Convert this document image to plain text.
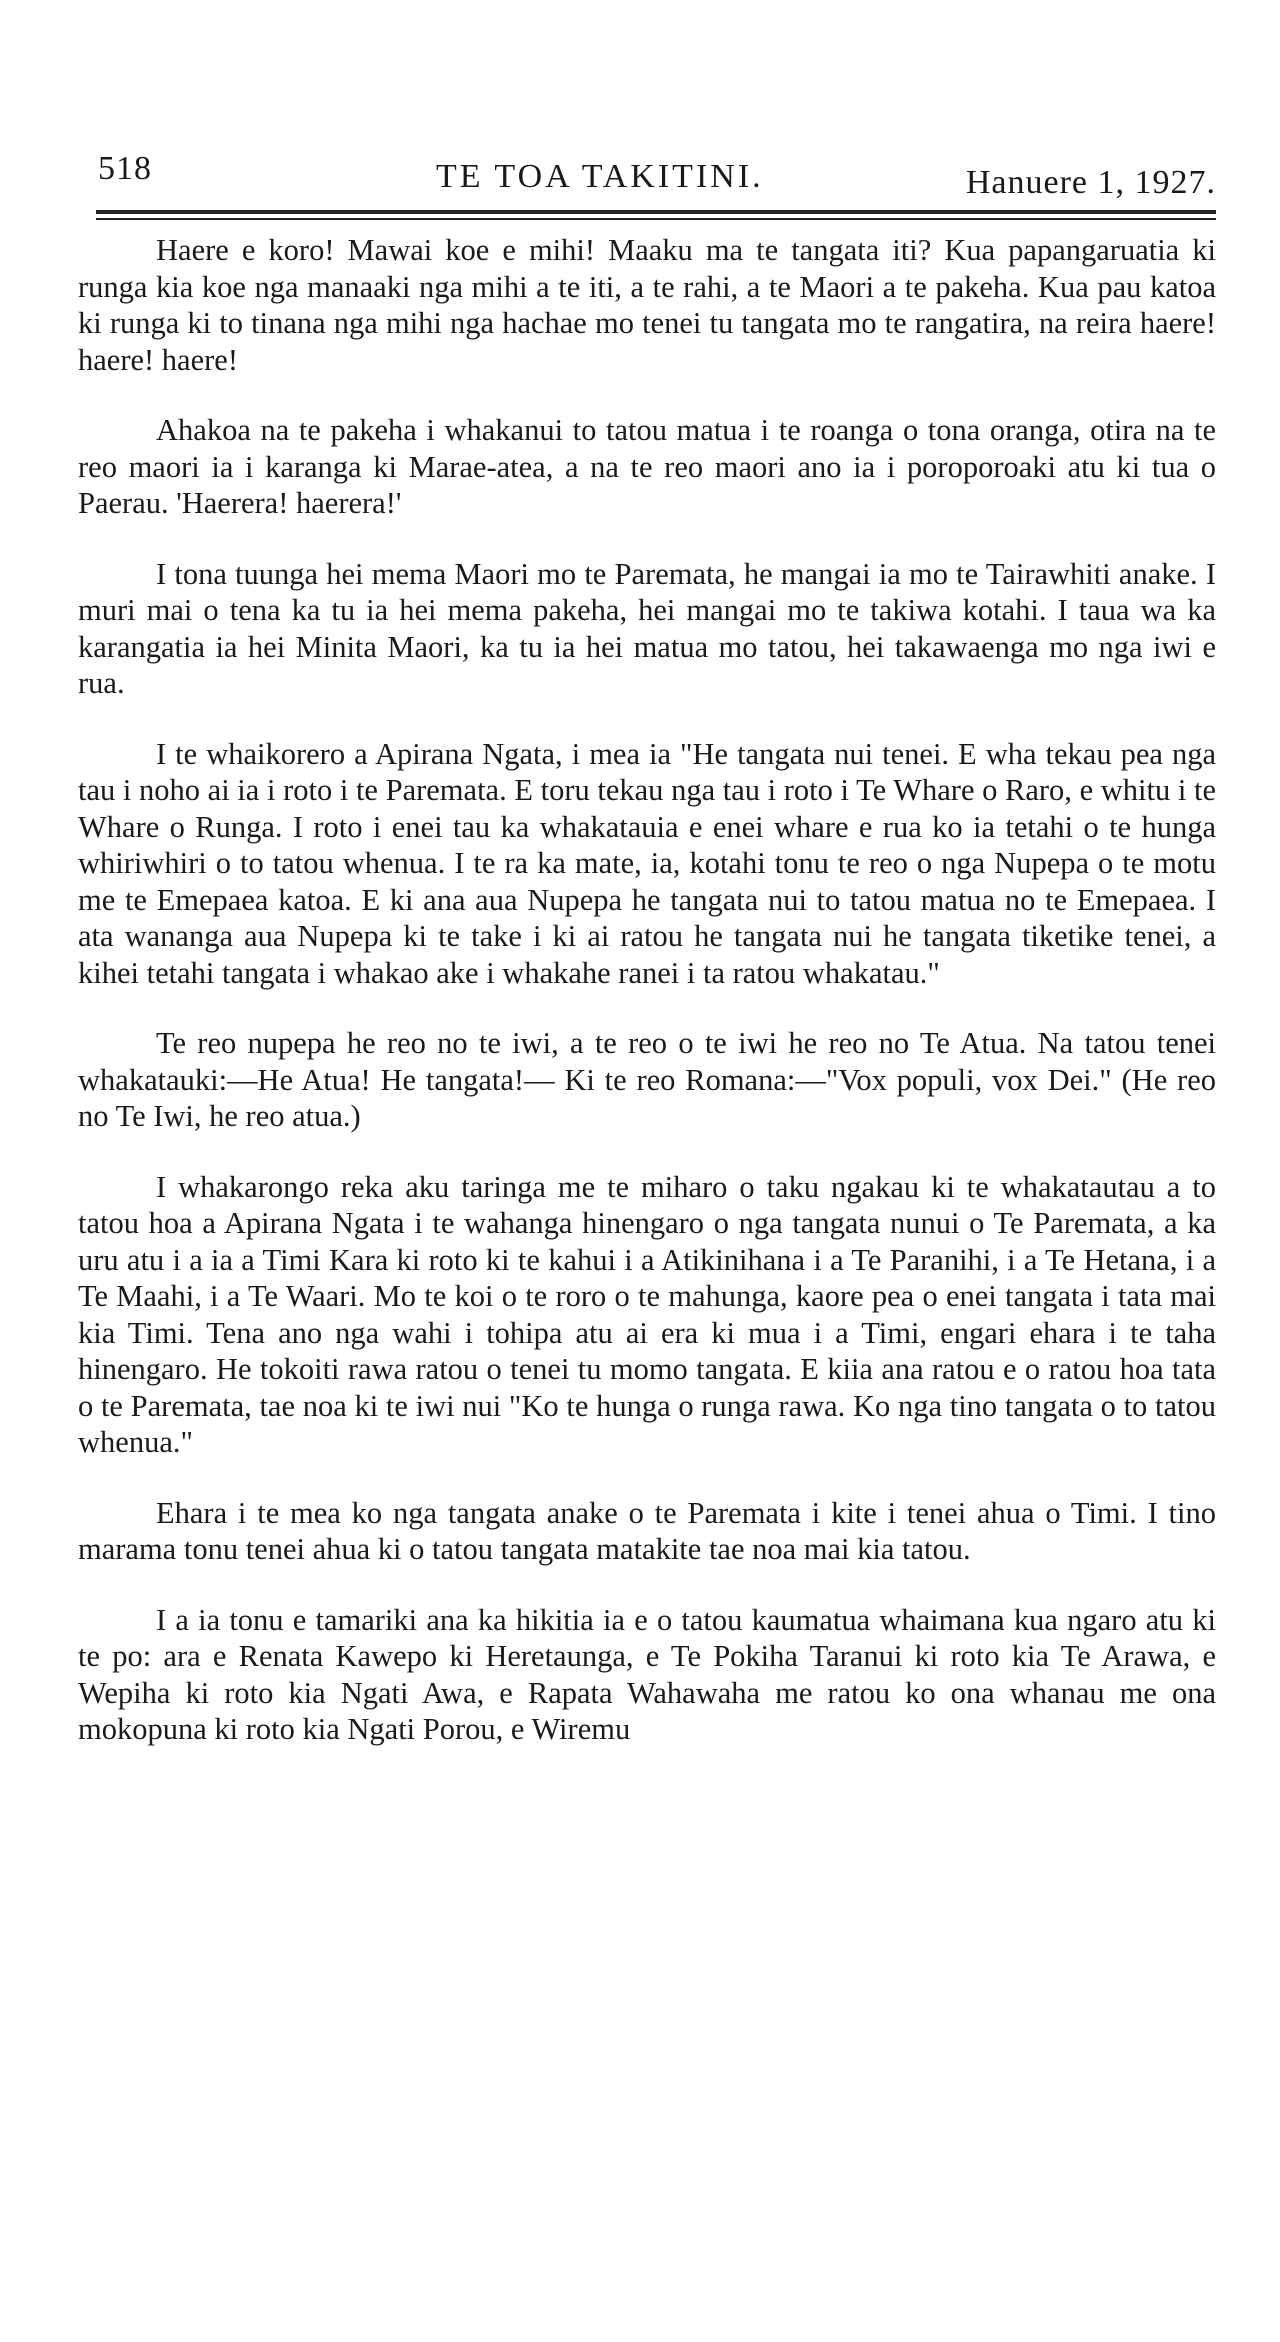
518	TE TOA TAKITINI.	Hanuere 1, 1927.

Haere e koro! Mawai koe e mihi! Maaku ma te tangata iti? Kua papangaruatia ki runga kia koe nga manaaki nga mihi a te iti, a te rahi, a te Maori a te pakeha. Kua pau katoa ki runga ki to tinana nga mihi nga hachae mo tenei tu tangata mo te rangatira, na reira haere! haere! haere!

Ahakoa na te pakeha i whakanui to tatou matua i te roanga o tona oranga, otira na te reo maori ia i karanga ki Marae-atea, a na te reo maori ano ia i poroporoaki atu ki tua o Paerau. 'Haerera! haerera!'

I tona tuunga hei mema Maori mo te Paremata, he mangai ia mo te Tairawhiti anake. I muri mai o tena ka tu ia hei mema pakeha, hei mangai mo te takiwa kotahi. I taua wa ka karangatia ia hei Minita Maori, ka tu ia hei matua mo tatou, hei takawaenga mo nga iwi e rua.

I te whaikorero a Apirana Ngata, i mea ia "He tangata nui tenei. E wha tekau pea nga tau i noho ai ia i roto i te Paremata. E toru tekau nga tau i roto i Te Whare o Raro, e whitu i te Whare o Runga. I roto i enei tau ka whakatauia e enei whare e rua ko ia tetahi o te hunga whiriwhiri o to tatou whenua. I te ra ka mate, ia, kotahi tonu te reo o nga Nupepa o te motu me te Emepaea katoa. E ki ana aua Nupepa he tangata nui to tatou matua no te Emepaea. I ata wananga aua Nupepa ki te take i ki ai ratou he tangata nui he tangata tiketike tenei, a kihei tetahi tangata i whakao ake i whakahe ranei i ta ratou whakatau."

Te reo nupepa he reo no te iwi, a te reo o te iwi he reo no Te Atua. Na tatou tenei whakatauki:—He Atua! He tangata!— Ki te reo Romana:—"Vox populi, vox Dei." (He reo no Te Iwi, he reo atua.)

I whakarongo reka aku taringa me te miharo o taku ngakau ki te whakatautau a to tatou hoa a Apirana Ngata i te wahanga hinengaro o nga tangata nunui o Te Paremata, a ka uru atu i a ia a Timi Kara ki roto ki te kahui i a Atikinihana i a Te Paranihi, i a Te Hetana, i a Te Maahi, i a Te Waari. Mo te koi o te roro o te mahunga, kaore pea o enei tangata i tata mai kia Timi. Tena ano nga wahi i tohipa atu ai era ki mua i a Timi, engari ehara i te taha hinengaro. He tokoiti rawa ratou o tenei tu momo tangata. E kiia ana ratou e o ratou hoa tata o te Paremata, tae noa ki te iwi nui "Ko te hunga o runga rawa. Ko nga tino tangata o to tatou whenua."

Ehara i te mea ko nga tangata anake o te Paremata i kite i tenei ahua o Timi. I tino marama tonu tenei ahua ki o tatou tangata matakite tae noa mai kia tatou.

I a ia tonu e tamariki ana ka hikitia ia e o tatou kaumatua whaimana kua ngaro atu ki te po: ara e Renata Kawepo ki Heretaunga, e Te Pokiha Taranui ki roto kia Te Arawa, e Wepiha ki roto kia Ngati Awa, e Rapata Wahawaha me ratou ko ona whanau me ona mokopuna ki roto kia Ngati Porou, e Wiremu
